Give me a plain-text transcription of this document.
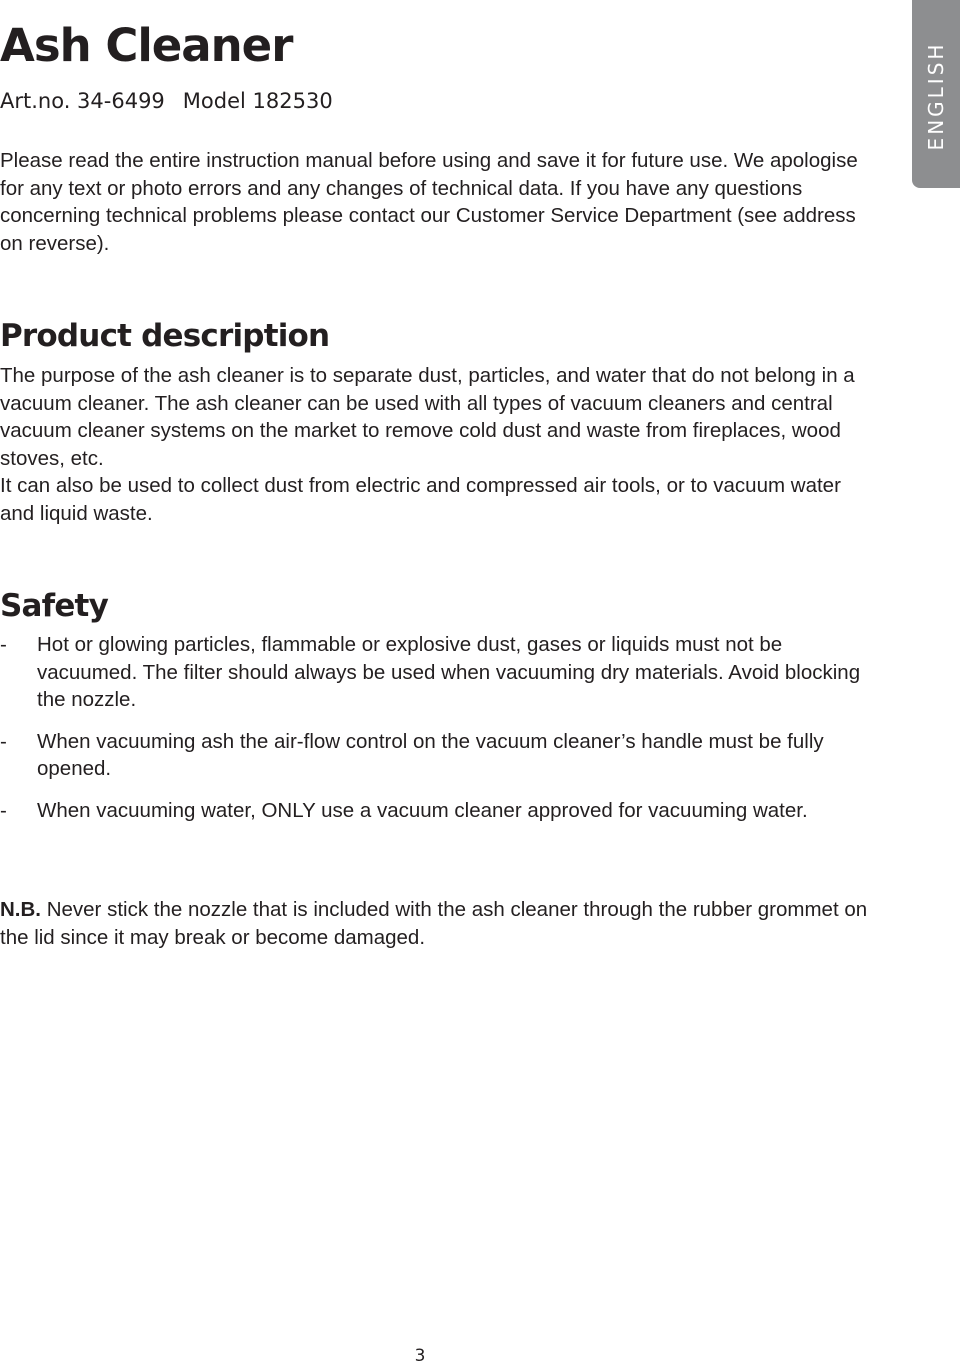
Ash Cleaner
Art.no. 34-6499 Model 182530	ENGLISH

Please read the entire instruction manual before using and save it for future use. We apologise for any text or photo errors and any changes of technical data. If you have any questions concerning technical problems please contact our Customer Service Department (see address on reverse).

Product description
The purpose of the ash cleaner is to separate dust, particles, and water that do not belong in a vacuum cleaner. The ash cleaner can be used with all types of vacuum cleaners and central vacuum cleaner systems on the market to remove cold dust and waste from fireplaces, wood stoves, etc.
It can also be used to collect dust from electric and compressed air tools, or to vacuum water and liquid waste.
Safety
- Hot or glowing particles, flammable or explosive dust, gases or liquids must not be vacuumed. The filter should always be used when vacuuming dry materials. Avoid blocking the nozzle.
- When vacuuming ash the air-flow control on the vacuum cleaner’s handle must be fully opened.
- When vacuuming water, ONLY use a vacuum cleaner approved for vacuuming water.

N.B. Never stick the nozzle that is included with the ash cleaner through the rubber grommet on the lid since it may break or become damaged.

3
